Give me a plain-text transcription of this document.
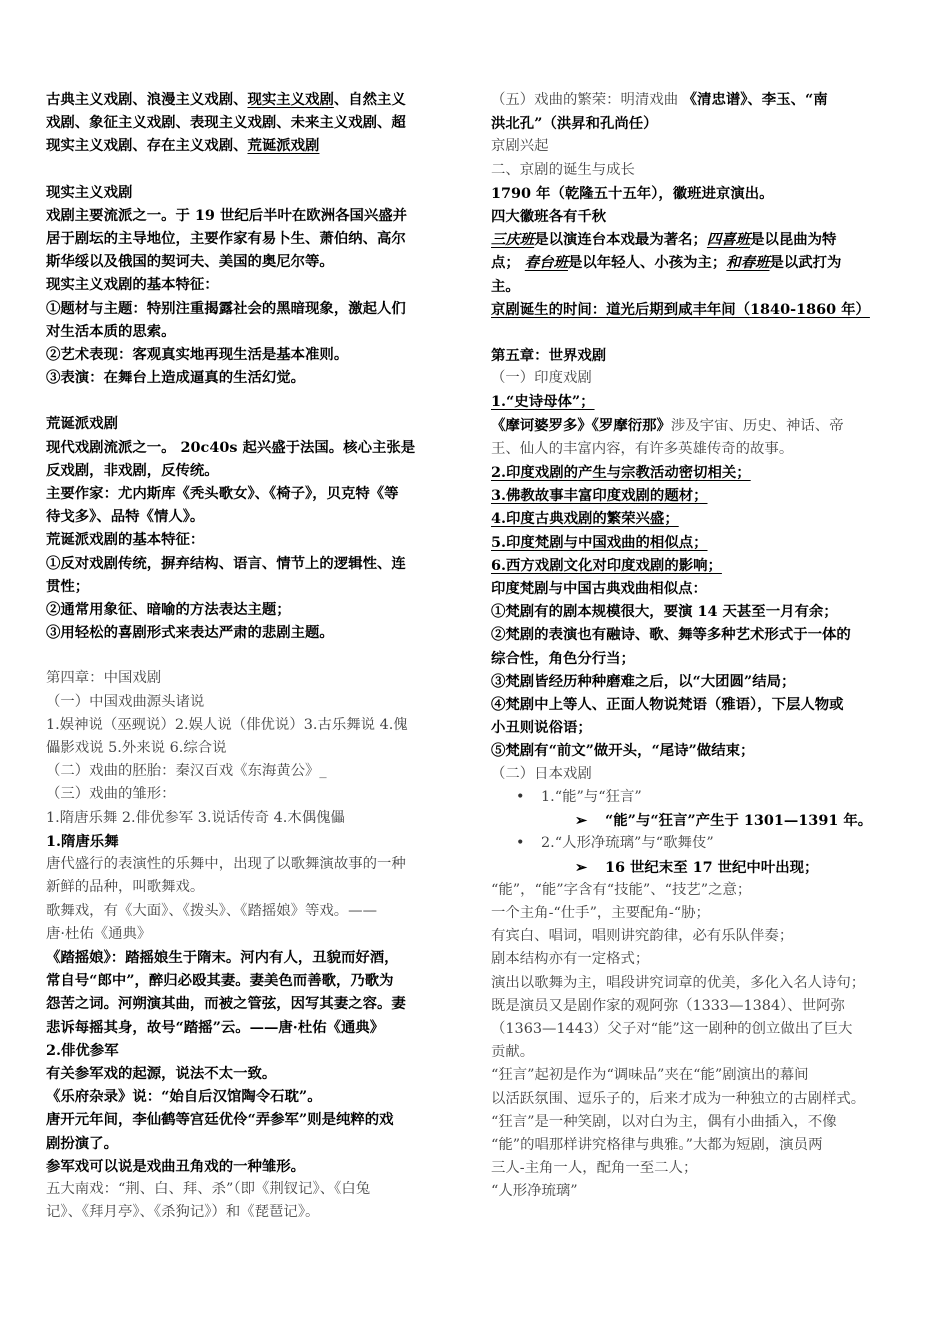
古典主义戏剧、浪漫主义戏剧、现实主义戏剧、自然主义
戏剧、象征主义戏剧、表现主义戏剧、未来主义戏剧、超
现实主义戏剧、存在主义戏剧、荒诞派戏剧
现实主义戏剧
戏剧主要流派之一。于 19 世纪后半叶在欧洲各国兴盛并
居于剧坛的主导地位，主要作家有易卜生、萧伯纳、高尔
斯华绥以及俄国的契诃夫、美国的奥尼尔等。
现实主义戏剧的基本特征：
①题材与主题：特别注重揭露社会的黑暗现象，激起人们
对生活本质的思索。
②艺术表现：客观真实地再现生活是基本准则。
③表演：在舞台上造成逼真的生活幻觉。
荒诞派戏剧
现代戏剧流派之一。 20c40s 起兴盛于法国。核心主张是
反戏剧，非戏剧，反传统。
主要作家：尤内斯库《秃头歌女》、《椅子》，贝克特《等
待戈多》、品特《情人》。
荒诞派戏剧的基本特征：
①反对戏剧传统，摒弃结构、语言、情节上的逻辑性、连
贯性；
②通常用象征、暗喻的方法表达主题；
③用轻松的喜剧形式来表达严肃的悲剧主题。
第四章：中国戏剧
（一）中国戏曲源头诸说
1.娱神说（巫觋说）2.娱人说（俳优说）3.古乐舞说 4.傀
儡影戏说 5.外来说 6.综合说
（二）戏曲的胚胎：秦汉百戏《东海黄公》_
（三）戏曲的雏形：
1.隋唐乐舞 2.俳优参军 3.说话传奇 4.木偶傀儡
1.隋唐乐舞
唐代盛行的表演性的乐舞中，出现了以歌舞演故事的一种
新鲜的品种，叫歌舞戏。
歌舞戏，有《大面》、《拨头》、《踏摇娘》等戏。——
唐·杜佑《通典》
《踏摇娘》：踏摇娘生于隋末。河内有人，丑貌而好酒，
常自号“郎中”，醉归必殴其妻。妻美色而善歌，乃歌为
怨苦之词。河朔演其曲，而被之管弦，因写其妻之容。妻
悲诉每摇其身，故号“踏摇”云。——唐·杜佑《通典》
2.俳优参军
有关参军戏的起源，说法不太一致。
《乐府杂录》说：“始自后汉馆陶令石耽”。
唐开元年间，李仙鹤等宫廷优伶“弄参军”则是纯粹的戏
剧扮演了。
参军戏可以说是戏曲丑角戏的一种雏形。
五大南戏：“荆、白、拜、杀”（即《荆钗记》、《白兔
记》、《拜月亭》、《杀狗记》）和《琵琶记》。
（五）戏曲的繁荣：明清戏曲 《清忠谱》、李玉、“南
洪北孔”（洪昇和孔尚任）
京剧兴起
二、京剧的诞生与成长
1790 年（乾隆五十五年），徽班进京演出。
四大徽班各有千秋
三庆班是以演连台本戏最为著名；四喜班是以昆曲为特
点； 春台班是以年轻人、小孩为主；和春班是以武打为
主。
京剧诞生的时间：道光后期到咸丰年间（1840-1860 年）
第五章：世界戏剧
（一）印度戏剧
1.“史诗母体”；
《摩诃婆罗多》《罗摩衍那》涉及宇宙、历史、神话、帝
王、仙人的丰富内容，有许多英雄传奇的故事。
2.印度戏剧的产生与宗教活动密切相关；
3.佛教故事丰富印度戏剧的题材；
4.印度古典戏剧的繁荣兴盛；
5.印度梵剧与中国戏曲的相似点；
6.西方戏剧文化对印度戏剧的影响；
印度梵剧与中国古典戏曲相似点：
①梵剧有的剧本规模很大，要演 14 天甚至一月有余；
②梵剧的表演也有融诗、歌、舞等多种艺术形式于一体的
综合性，角色分行当；
③梵剧皆经历种种磨难之后，以“大团圆”结局；
④梵剧中上等人、正面人物说梵语（雅语），下层人物或
小丑则说俗语；
⑤梵剧有“前文”做开头，“尾诗”做结束；
（二）日本戏剧
• 1.“能”与“狂言”
➢ “能”与“狂言”产生于 1301—1391 年。
• 2.“人形净琉璃”与“歌舞伎”
➢ 16 世纪末至 17 世纪中叶出现；
“能”，“能”字含有“技能”、“技艺”之意；
一个主角-“仕手”，主要配角-“胁；
有宾白、唱词，唱则讲究韵律，必有乐队伴奏；
剧本结构亦有一定格式；
演出以歌舞为主，唱段讲究词章的优美，多化入名人诗句；
既是演员又是剧作家的观阿弥（1333—1384）、世阿弥
（1363—1443）父子对“能”这一剧种的创立做出了巨大
贡献。
“狂言”起初是作为“调味品”夹在“能”剧演出的幕间
以活跃氛围、逗乐子的，后来才成为一种独立的古剧样式。
“狂言”是一种笑剧，以对白为主，偶有小曲插入，不像
“能”的唱那样讲究格律与典雅。”大都为短剧，演员两
三人-主角一人，配角一至二人；
“人形净琉璃”
